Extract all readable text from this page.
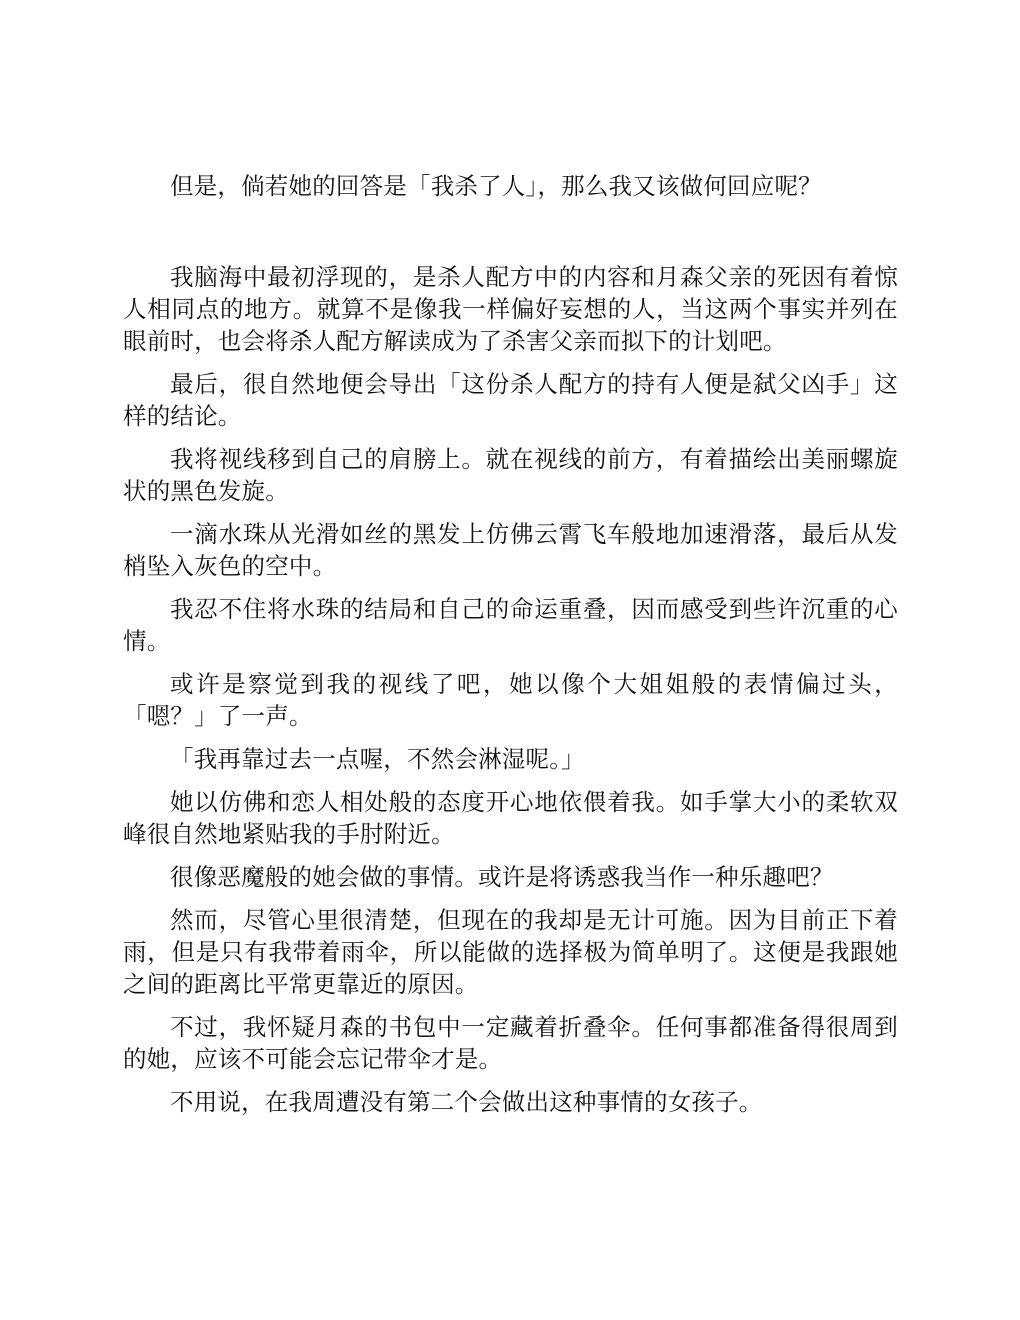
但是，倘若她的回答是「我杀了人」，那么我又该做何回应呢？

我脑海中最初浮现的，是杀人配方中的内容和月森父亲的死因有着惊人相同点的地方。就算不是像我一样偏好妄想的人，当这两个事实并列在眼前时，也会将杀人配方解读成为了杀害父亲而拟下的计划吧。

最后，很自然地便会导出「这份杀人配方的持有人便是弑父凶手」这样的结论。

我将视线移到自己的肩膀上。就在视线的前方，有着描绘出美丽螺旋状的黑色发旋。

一滴水珠从光滑如丝的黑发上仿佛云霄飞车般地加速滑落，最后从发梢坠入灰色的空中。

我忍不住将水珠的结局和自己的命运重叠，因而感受到些许沉重的心情。

或许是察觉到我的视线了吧，她以像个大姐姐般的表情偏过头，「嗯？」了一声。

「我再靠过去一点喔，不然会淋湿呢。」

她以仿佛和恋人相处般的态度开心地依偎着我。如手掌大小的柔软双峰很自然地紧贴我的手肘附近。

很像恶魔般的她会做的事情。或许是将诱惑我当作一种乐趣吧？

然而，尽管心里很清楚，但现在的我却是无计可施。因为目前正下着雨，但是只有我带着雨伞，所以能做的选择极为简单明了。这便是我跟她之间的距离比平常更靠近的原因。

不过，我怀疑月森的书包中一定藏着折叠伞。任何事都准备得很周到的她，应该不可能会忘记带伞才是。

不用说，在我周遭没有第二个会做出这种事情的女孩子。
